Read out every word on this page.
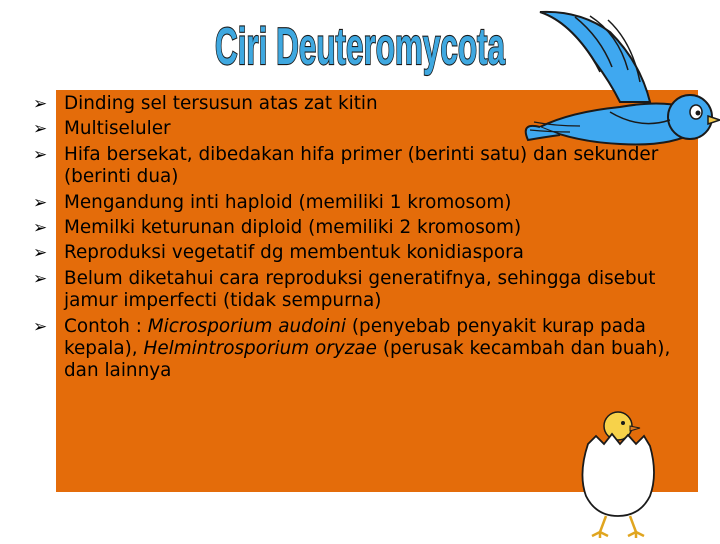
Ciri Deuteromycota
➢ Dinding sel tersusun atas zat kitin
➢ Multiseluler
➢ Hifa bersekat, dibedakan hifa primer (berinti satu) dan sekunder (berinti dua)
➢ Mengandung inti haploid (memiliki 1 kromosom)
➢ Memilki keturunan diploid (memiliki 2 kromosom)
➢ Reproduksi vegetatif dg membentuk konidiaspora
➢ Belum diketahui cara reproduksi generatifnya, sehingga disebut jamur imperfecti (tidak sempurna)
➢ Contoh : Microsporium audoini (penyebab penyakit kurap pada kepala), Helmintrosporium oryzae (perusak kecambah dan buah), dan lainnya
